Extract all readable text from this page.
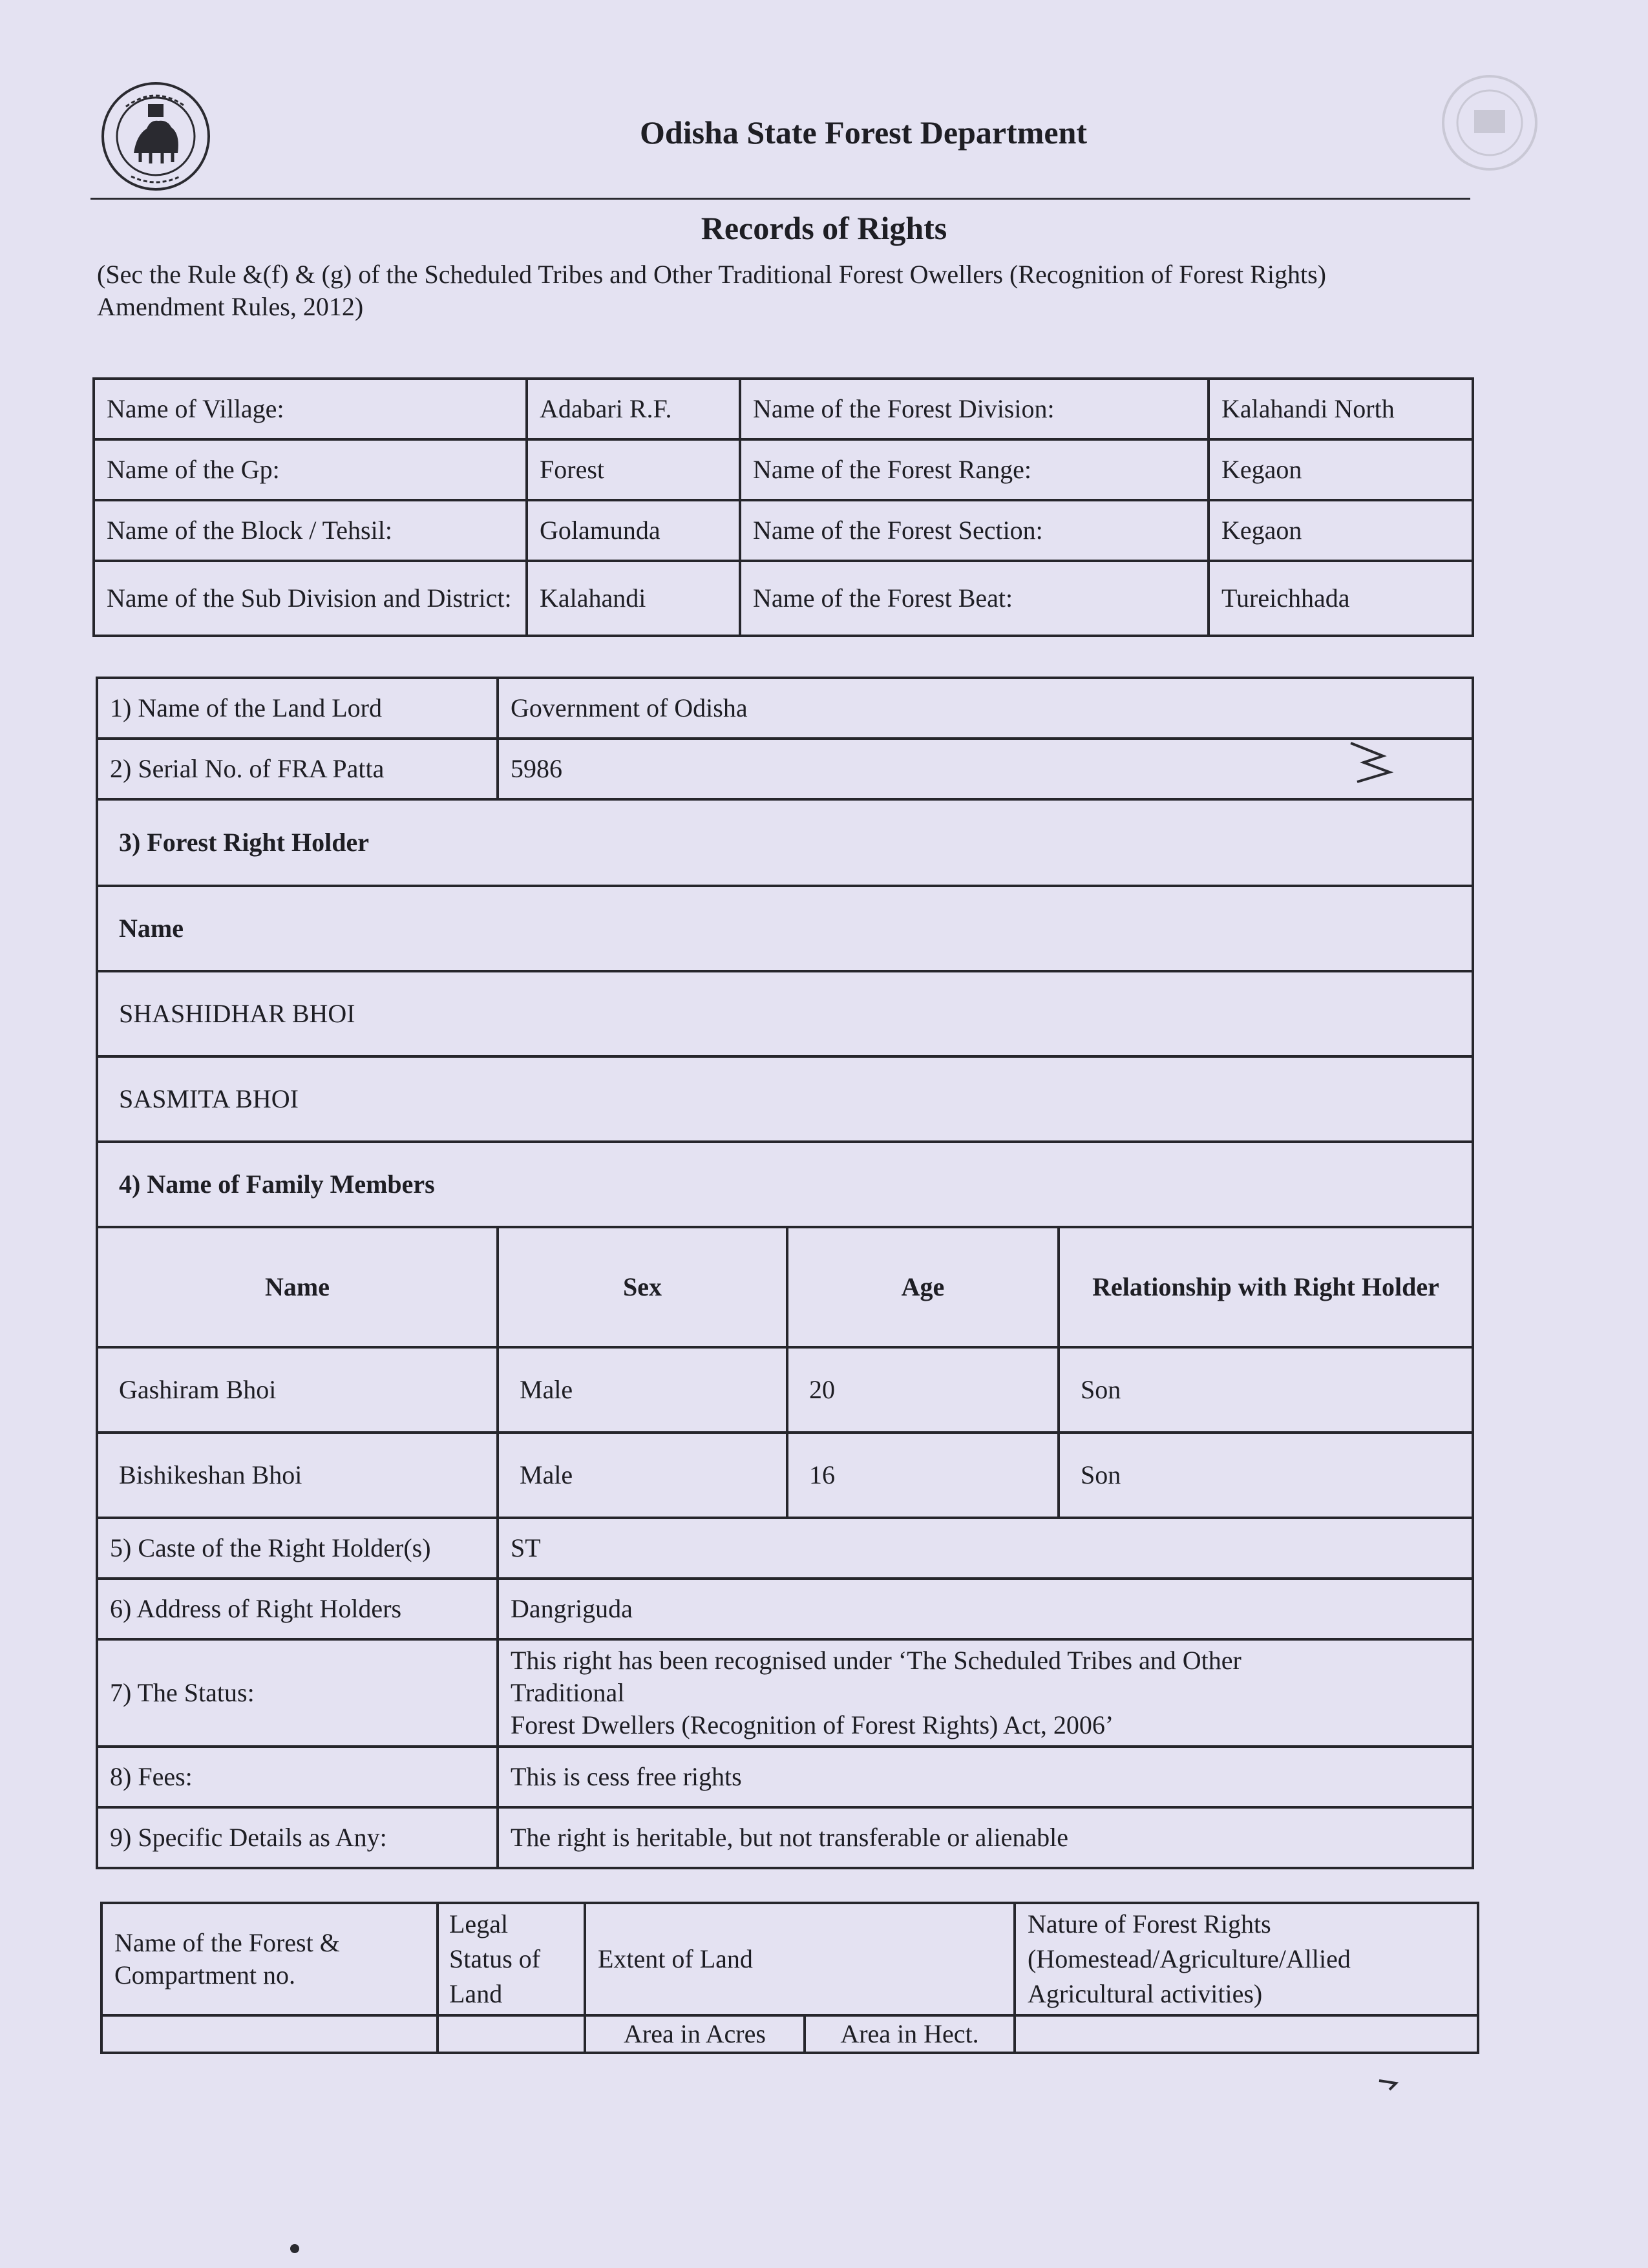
Odisha State Forest Department
Records of Rights
(Sec the Rule &(f) & (g) of the Scheduled Tribes and Other Traditional Forest Owellers (Recognition of Forest Rights) Amendment Rules, 2012)
Name of Village:	Adabari R.F.	Name of the Forest Division:	Kalahandi North
Name of the Gp:	Forest	Name of the Forest Range:	Kegaon
Name of the Block / Tehsil:	Golamunda	Name of the Forest Section:	Kegaon
Name of the Sub Division and District:	Kalahandi	Name of the Forest Beat:	Tureichhada
1) Name of the Land Lord	Government of Odisha		
2) Serial No. of FRA Patta	5986		
3) Forest Right Holder			
Name			
SHASHIDHAR BHOI			
SASMITA BHOI			
4) Name of Family Members			
Name	Sex	Age	Relationship with Right Holder
Gashiram Bhoi	Male	20	Son
Bishikeshan Bhoi	Male	16	Son
5) Caste of the Right Holder(s)	ST		
6) Address of Right Holders	Dangriguda		
7) The Status:	This right has been recognised under ‘The Scheduled Tribes and Other
Traditional
Forest Dwellers (Recognition of Forest Rights) Act, 2006’		

8) Fees:	This is cess free rights		
9) Specific Details as Any:	The right is heritable, but not transferable or alienable		
Name of the Forest & Compartment no.	Legal Status of Land	Extent of Land		Nature of Forest Rights (Homestead/Agriculture/Allied Agricultural activities)
		Area in Acres	Area in Hect.	
